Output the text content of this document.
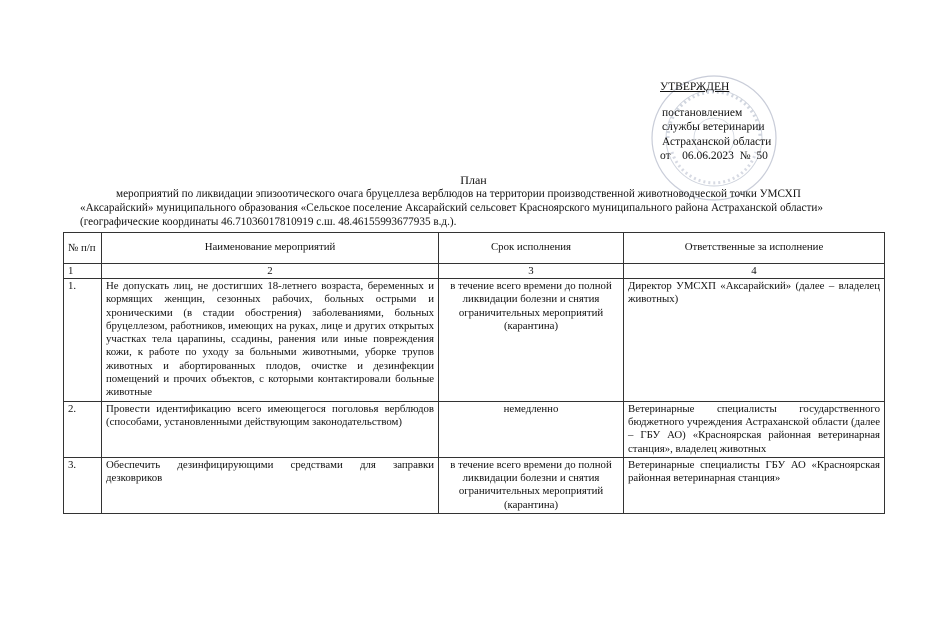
УТВЕРЖДЕН
постановлением
службы ветеринарии
Астраханской области
от    06.06.2023  №  50
План
мероприятий по ликвидации эпизоотического очага бруцеллеза верблюдов на территории производственной животноводческой точки УМСХП «Аксарайский» муниципального образования «Сельское поселение Аксарайский сельсовет Красноярского муниципального района Астраханской области» (географические координаты 46.71036017810919 с.ш. 48.46155993677935 в.д.).
№ п/п	Наименование мероприятий	Срок исполнения	Ответственные за исполнение
1	2	3	4
1.	Не допускать лиц, не достигших 18-летнего возраста, беременных и кормящих женщин, сезонных рабочих, больных острыми и хроническими (в стадии обострения) заболеваниями, больных бруцеллезом, работников, имеющих на руках, лице и других открытых участках тела царапины, ссадины, ранения или иные повреждения кожи, к работе по уходу за больными животными, уборке трупов животных и абортированных плодов, очистке и дезинфекции помещений и прочих объектов, с которыми контактировали больные животные	в течение всего времени до полной ликвидации болезни и снятия ограничительных мероприятий (карантина)	Директор УМСХП «Аксарайский» (далее – владелец животных)
2.	Провести идентификацию всего имеющегося поголовья верблюдов (способами, установленными действующим законодательством)	немедленно	Ветеринарные специалисты государственного бюджетного учреждения Астраханской области (далее – ГБУ АО) «Красноярская районная ветеринарная станция», владелец животных
3.	Обеспечить дезинфицирующими средствами для заправки дезковриков	в течение всего времени до полной ликвидации болезни и снятия ограничительных мероприятий (карантина)	Ветеринарные специалисты ГБУ АО «Красноярская районная ветеринарная станция»
